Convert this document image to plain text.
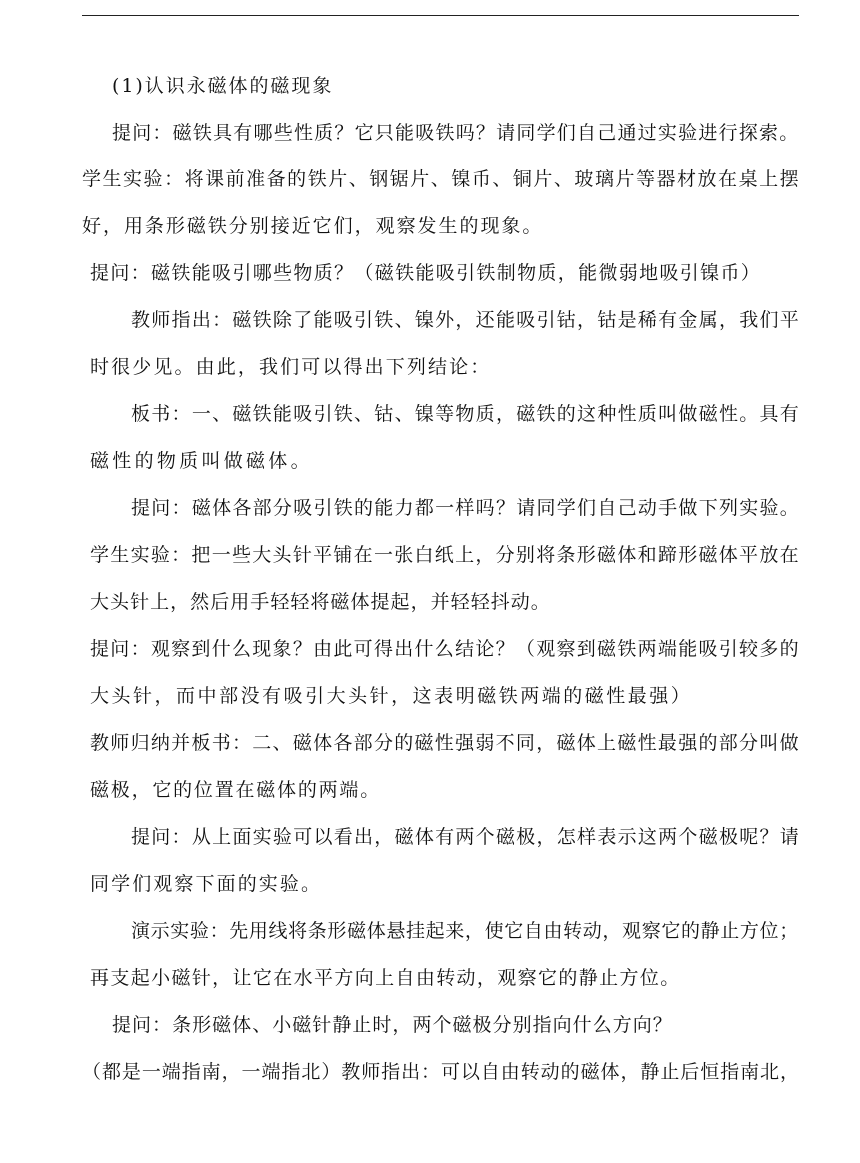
(1)认识永磁体的磁现象
提问：磁铁具有哪些性质？它只能吸铁吗？请同学们自己通过实验进行探索。
学生实验：将课前准备的铁片、钢锯片、镍币、铜片、玻璃片等器材放在桌上摆
好，用条形磁铁分别接近它们，观察发生的现象。
提问：磁铁能吸引哪些物质？（磁铁能吸引铁制物质，能微弱地吸引镍币）
教师指出：磁铁除了能吸引铁、镍外，还能吸引钴，钴是稀有金属，我们平
时很少见。由此，我们可以得出下列结论：
板书：一、磁铁能吸引铁、钴、镍等物质，磁铁的这种性质叫做磁性。具有
磁性的物质叫做磁体。
提问：磁体各部分吸引铁的能力都一样吗？请同学们自己动手做下列实验。
学生实验：把一些大头针平铺在一张白纸上，分别将条形磁体和蹄形磁体平放在
大头针上，然后用手轻轻将磁体提起，并轻轻抖动。
提问：观察到什么现象？由此可得出什么结论？（观察到磁铁两端能吸引较多的
大头针，而中部没有吸引大头针，这表明磁铁两端的磁性最强）
教师归纳并板书：二、磁体各部分的磁性强弱不同，磁体上磁性最强的部分叫做
磁极，它的位置在磁体的两端。
提问：从上面实验可以看出，磁体有两个磁极，怎样表示这两个磁极呢？请
同学们观察下面的实验。
演示实验：先用线将条形磁体悬挂起来，使它自由转动，观察它的静止方位；
再支起小磁针，让它在水平方向上自由转动，观察它的静止方位。
提问：条形磁体、小磁针静止时，两个磁极分别指向什么方向？
（都是一端指南，一端指北）教师指出：可以自由转动的磁体，静止后恒指南北，
